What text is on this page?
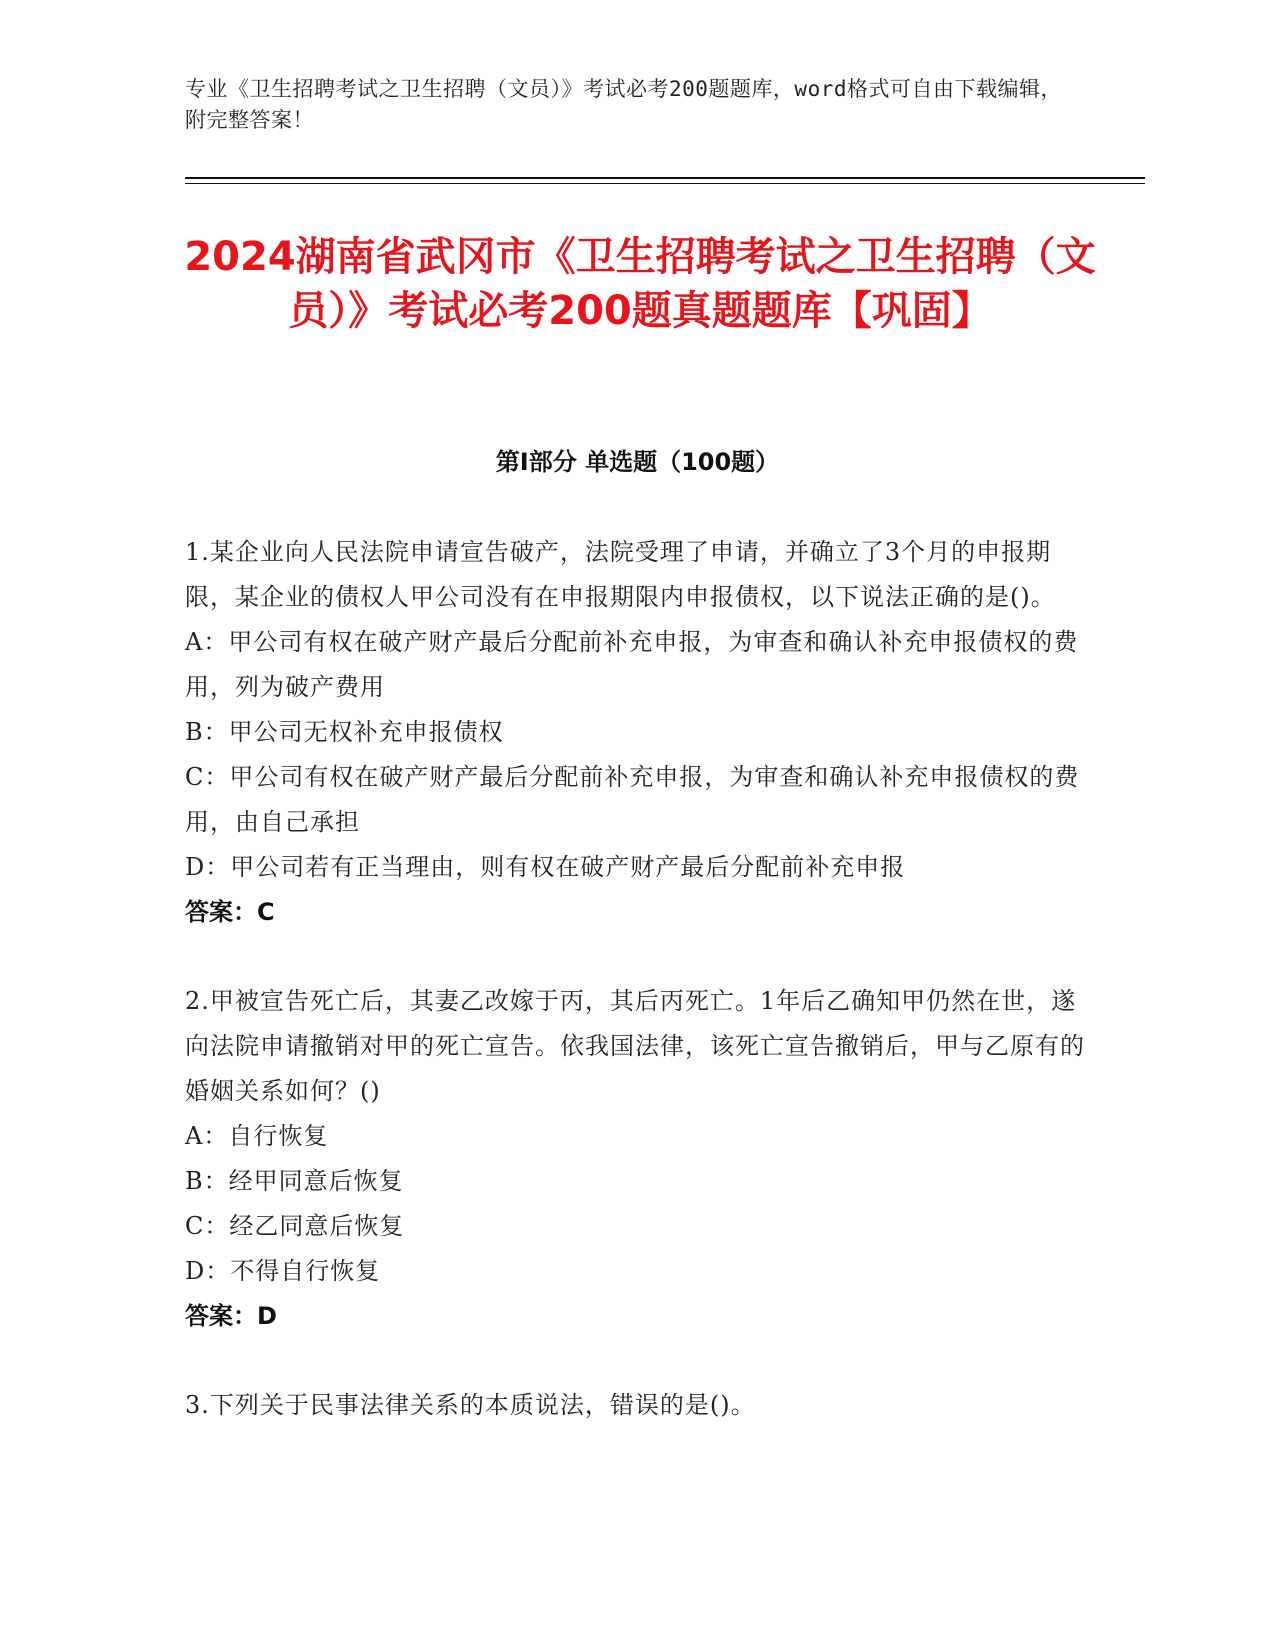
专业《卫生招聘考试之卫生招聘（文员）》考试必考200题题库，word格式可自由下载编辑，附完整答案！
2024湖南省武冈市《卫生招聘考试之卫生招聘（文员）》考试必考200题真题题库【巩固】
第Ⅰ部分 单选题（100题）
1.某企业向人民法院申请宣告破产，法院受理了申请，并确立了3个月的申报期限，某企业的债权人甲公司没有在申报期限内申报债权，以下说法正确的是()。
A：甲公司有权在破产财产最后分配前补充申报，为审查和确认补充申报债权的费用，列为破产费用
B：甲公司无权补充申报债权
C：甲公司有权在破产财产最后分配前补充申报，为审查和确认补充申报债权的费用，由自己承担
D：甲公司若有正当理由，则有权在破产财产最后分配前补充申报
答案：C
2.甲被宣告死亡后，其妻乙改嫁于丙，其后丙死亡。1年后乙确知甲仍然在世，遂向法院申请撤销对甲的死亡宣告。依我国法律，该死亡宣告撤销后，甲与乙原有的婚姻关系如何？()
A：自行恢复
B：经甲同意后恢复
C：经乙同意后恢复
D：不得自行恢复
答案：D
3.下列关于民事法律关系的本质说法，错误的是()。
